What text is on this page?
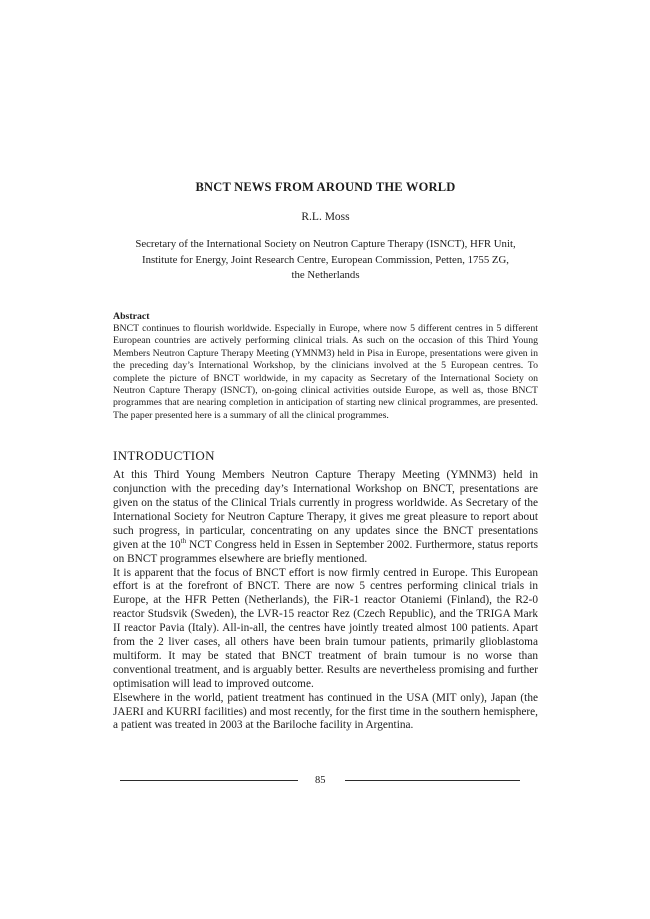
BNCT NEWS FROM AROUND THE WORLD
R.L. Moss
Secretary of the International Society on Neutron Capture Therapy (ISNCT), HFR Unit,
Institute for Energy, Joint Research Centre, European Commission, Petten, 1755 ZG,
the Netherlands
Abstract
BNCT continues to flourish worldwide. Especially in Europe, where now 5 different centres in 5 different European countries are actively performing clinical trials. As such on the occasion of this Third Young Members Neutron Capture Therapy Meeting (YMNM3) held in Pisa in Europe, presentations were given in the preceding day’s International Workshop, by the clinicians involved at the 5 European centres. To complete the picture of BNCT worldwide, in my capacity as Secretary of the International Society on Neutron Capture Therapy (ISNCT), on-going clinical activities outside Europe, as well as, those BNCT programmes that are nearing completion in anticipation of starting new clinical programmes, are presented. The paper presented here is a summary of all the clinical programmes.
INTRODUCTION

At this Third Young Members Neutron Capture Therapy Meeting (YMNM3) held in conjunction with the preceding day’s International Workshop on BNCT, presentations are given on the status of the Clinical Trials currently in progress worldwide. As Secretary of the International Society for Neutron Capture Therapy, it gives me great pleasure to report about such progress, in particular, concentrating on any updates since the BNCT presentations given at the 10th NCT Congress held in Essen in September 2002. Furthermore, status reports on BNCT programmes elsewhere are briefly mentioned.

It is apparent that the focus of BNCT effort is now firmly centred in Europe. This European effort is at the forefront of BNCT. There are now 5 centres performing clinical trials in Europe, at the HFR Petten (Netherlands), the FiR-1 reactor Otaniemi (Finland), the R2-0 reactor Studsvik (Sweden), the LVR-15 reactor Rez (Czech Republic), and the TRIGA Mark II reactor Pavia (Italy). All-in-all, the centres have jointly treated almost 100 patients. Apart from the 2 liver cases, all others have been brain tumour patients, primarily glioblastoma multiform. It may be stated that BNCT treatment of brain tumour is no worse than conventional treatment, and is arguably better. Results are nevertheless promising and further optimisation will lead to improved outcome.

Elsewhere in the world, patient treatment has continued in the USA (MIT only), Japan (the JAERI and KURRI facilities) and most recently, for the first time in the southern hemisphere, a patient was treated in 2003 at the Bariloche facility in Argentina.

85
